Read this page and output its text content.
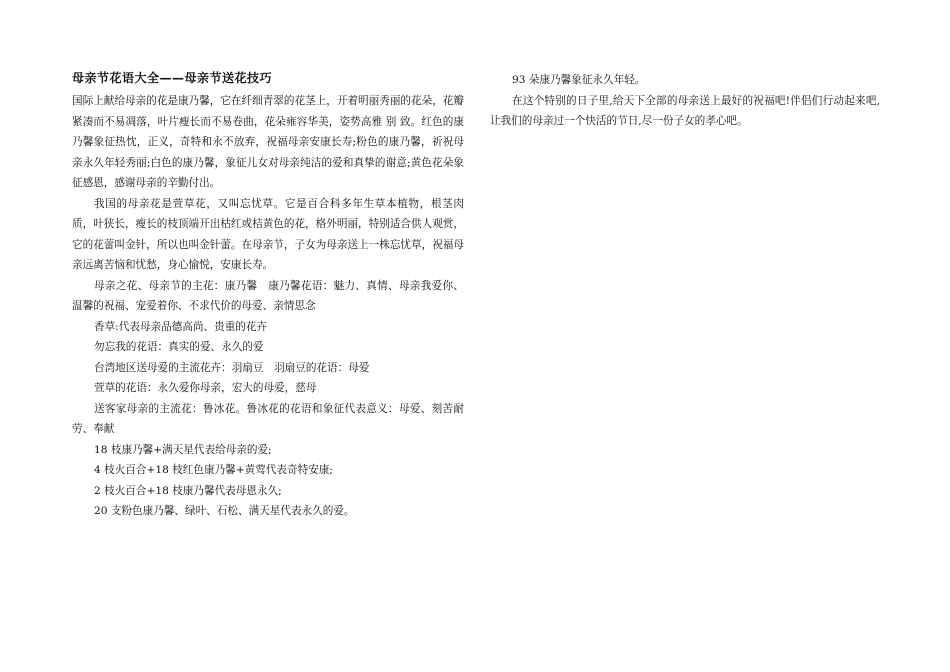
母亲节花语大全——母亲节送花技巧

国际上献给母亲的花是康乃馨，它在纤细青翠的花茎上，开着明丽秀丽的花朵，花瓣紧凑而不易凋落，叶片瘦长而不易卷曲，花朵雍容华美，姿势高雅 别 致。红色的康乃馨象征热忱，正义，奇特和永不放弃，祝福母亲安康长寿;粉色的康乃馨，祈祝母亲永久年轻秀丽;白色的康乃馨，象征儿女对母亲纯洁的爱和真挚的谢意;黄色花朵象征感恩，感谢母亲的辛勤付出。

我国的母亲花是萱草花，又叫忘忧草。它是百合科多年生草本植物，根茎肉质，叶狭长，瘦长的枝顶端开出枯红或桔黄色的花，格外明丽，特别适合供人观赏， 它的花蕾叫金针，所以也叫金针蕾。在母亲节，子女为母亲送上一株忘忧草，祝福母亲远离苦恼和忧愁，身心愉悦，安康长寿。

母亲之花、母亲节的主花：康乃馨　康乃馨花语：魅力、真情、母亲我爱你、温馨的祝福、宠爱着你、不求代价的母爱、亲情思念

香草:代表母亲品德高尚、贵重的花卉

勿忘我的花语：真实的爱、永久的爱

台湾地区送母爱的主流花卉：羽扇豆　羽扇豆的花语：母爱

萱草的花语：永久爱你母亲，宏大的母爱，慈母

送客家母亲的主流花：鲁冰花。鲁冰花的花语和象征代表意义：母爱、刻苦耐劳、奉献

18 枝康乃馨+满天星代表给母亲的爱;

4 枝火百合+18 枝红色康乃馨+黄莺代表奇特安康;

2 枝火百合+18 枝康乃馨代表母恩永久;

20 支粉色康乃馨、绿叶、石松、满天星代表永久的爱。

93 朵康乃馨象征永久年轻。

在这个特别的日子里,给天下全部的母亲送上最好的祝福吧!伴侣们行动起来吧,让我们的母亲过一个快活的节日,尽一份子女的孝心吧。
